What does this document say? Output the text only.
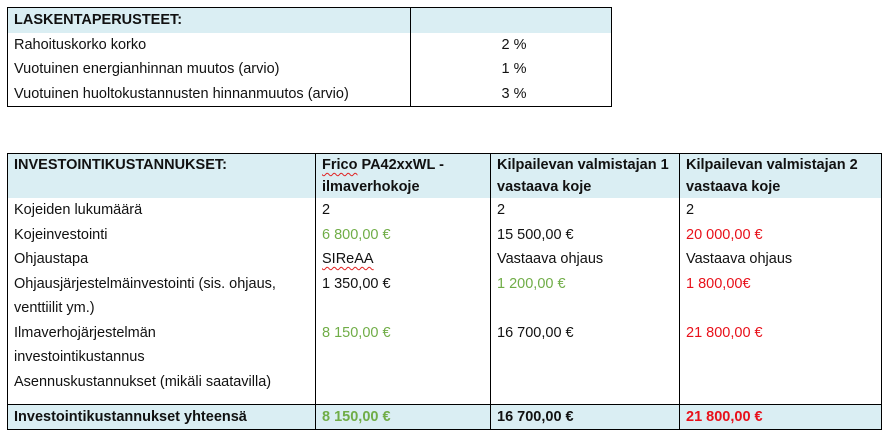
LASKENTAPERUSTEET:	
Rahoituskorko korko	2 %
Vuotuinen energianhinnan muutos (arvio)	1 %
Vuotuinen huoltokustannusten hinnanmuutos (arvio)	3 %
INVESTOINTIKUSTANNUKSET:	Frico PA42xxWL - ilmaverhokoje	Kilpailevan valmistajan 1 vastaava koje	Kilpailevan valmistajan 2 vastaava koje
Kojeiden lukumäärä	2	2	2
Kojeinvestointi	6 800,00 €	15 500,00 €	20 000,00 €
Ohjaustapa	SIReAA	Vastaava ohjaus	Vastaava ohjaus
Ohjausjärjestelmäinvestointi (sis. ohjaus, venttiilit ym.)	1 350,00 €	1 200,00 €	1 800,00€
Ilmaverhojärjestelmän investointikustannus	8 150,00 €	16 700,00 €	21 800,00 €
Asennuskustannukset (mikäli saatavilla)			
Investointikustannukset yhteensä	8 150,00 €	16 700,00 €	21 800,00 €
